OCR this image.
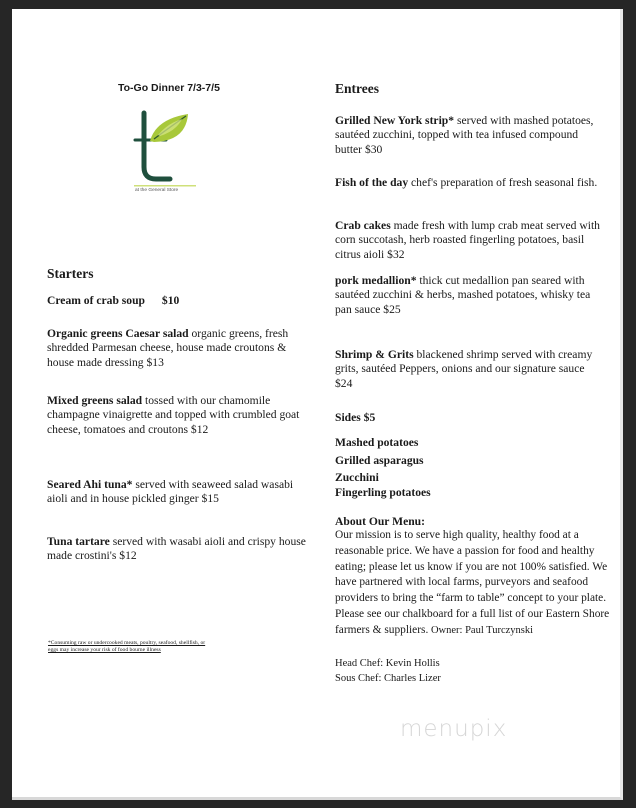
To-Go Dinner 7/3-7/5
at the General Store
Starters
Cream of crab soup $10
Organic greens Caesar salad organic greens, fresh shredded Parmesan cheese, house made croutons & house made dressing $13
Mixed greens salad tossed with our chamomile champagne vinaigrette and topped with crumbled goat cheese, tomatoes and croutons $12
Seared Ahi tuna* served with seaweed salad wasabi aioli and in house pickled ginger $15
Tuna tartare served with wasabi aioli and crispy house made crostini's $12
*Consuming raw or undercooked meats, poultry, seafood, shellfish, or eggs may increase your risk of food bourne illness
Entrees
Grilled New York strip* served with mashed potatoes, sautéed zucchini, topped with tea infused compound butter $30
Fish of the day chef's preparation of fresh seasonal fish.
Crab cakes made fresh with lump crab meat served with corn succotash, herb roasted fingerling potatoes, basil citrus aioli $32
pork medallion* thick cut medallion pan seared with sautéed zucchini & herbs, mashed potatoes, whisky tea pan sauce $25
Shrimp & Grits blackened shrimp served with creamy grits, sautéed Peppers, onions and our signature sauce $24
Sides $5
Mashed potatoes
Grilled asparagus
Zucchini
Fingerling potatoes
About Our Menu:
Our mission is to serve high quality, healthy food at a reasonable price. We have a passion for food and healthy eating; please let us know if you are not 100% satisfied. We have partnered with local farms, purveyors and seafood providers to bring the “farm to table” concept to your plate. Please see our chalkboard for a full list of our Eastern Shore farmers & suppliers. Owner: Paul Turczynski
Head Chef: Kevin Hollis
Sous Chef: Charles Lizer
menupix
